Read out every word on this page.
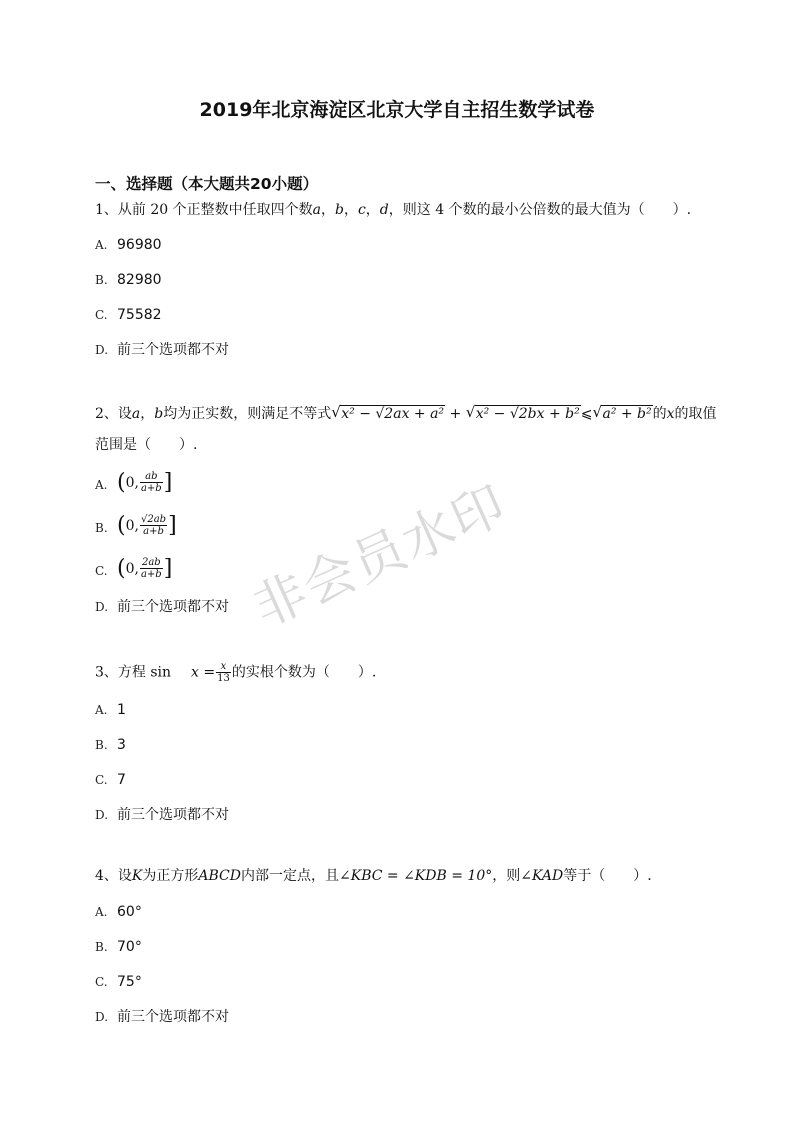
2019年北京海淀区北京大学自主招生数学试卷
一、选择题（本大题共20小题）
1、从前 20 个正整数中任取四个数a，b，c，d，则这 4 个数的最小公倍数的最大值为（　　）.
A. 96980
B. 82980
C. 75582
D. 前三个选项都不对
2、设a，b均为正实数，则满足不等式 √ x² − √2ax + a² + √ x² − √2bx + b²⩽ √ a² + b²的x的取值
范围是（　　）.
A. ( 0, $\frac{ab}{a+b}$ ]
B. ( 0, $\frac{√2ab}{a+b}$ ]
C. ( 0, $\frac{2ab}{a+b}$ ]
D. 前三个选项都不对
3、方程 $\sin x = \frac{x}{13}$ 的实根个数为（　　）.
A. 1
B. 3
C. 7
D. 前三个选项都不对
4、设K为正方形ABCD内部一定点，且∠KBC = ∠KDB = 10°，则∠KAD等于（　　）.
A. 60°
B. 70°
C. 75°
D. 前三个选项都不对
非会员水印
